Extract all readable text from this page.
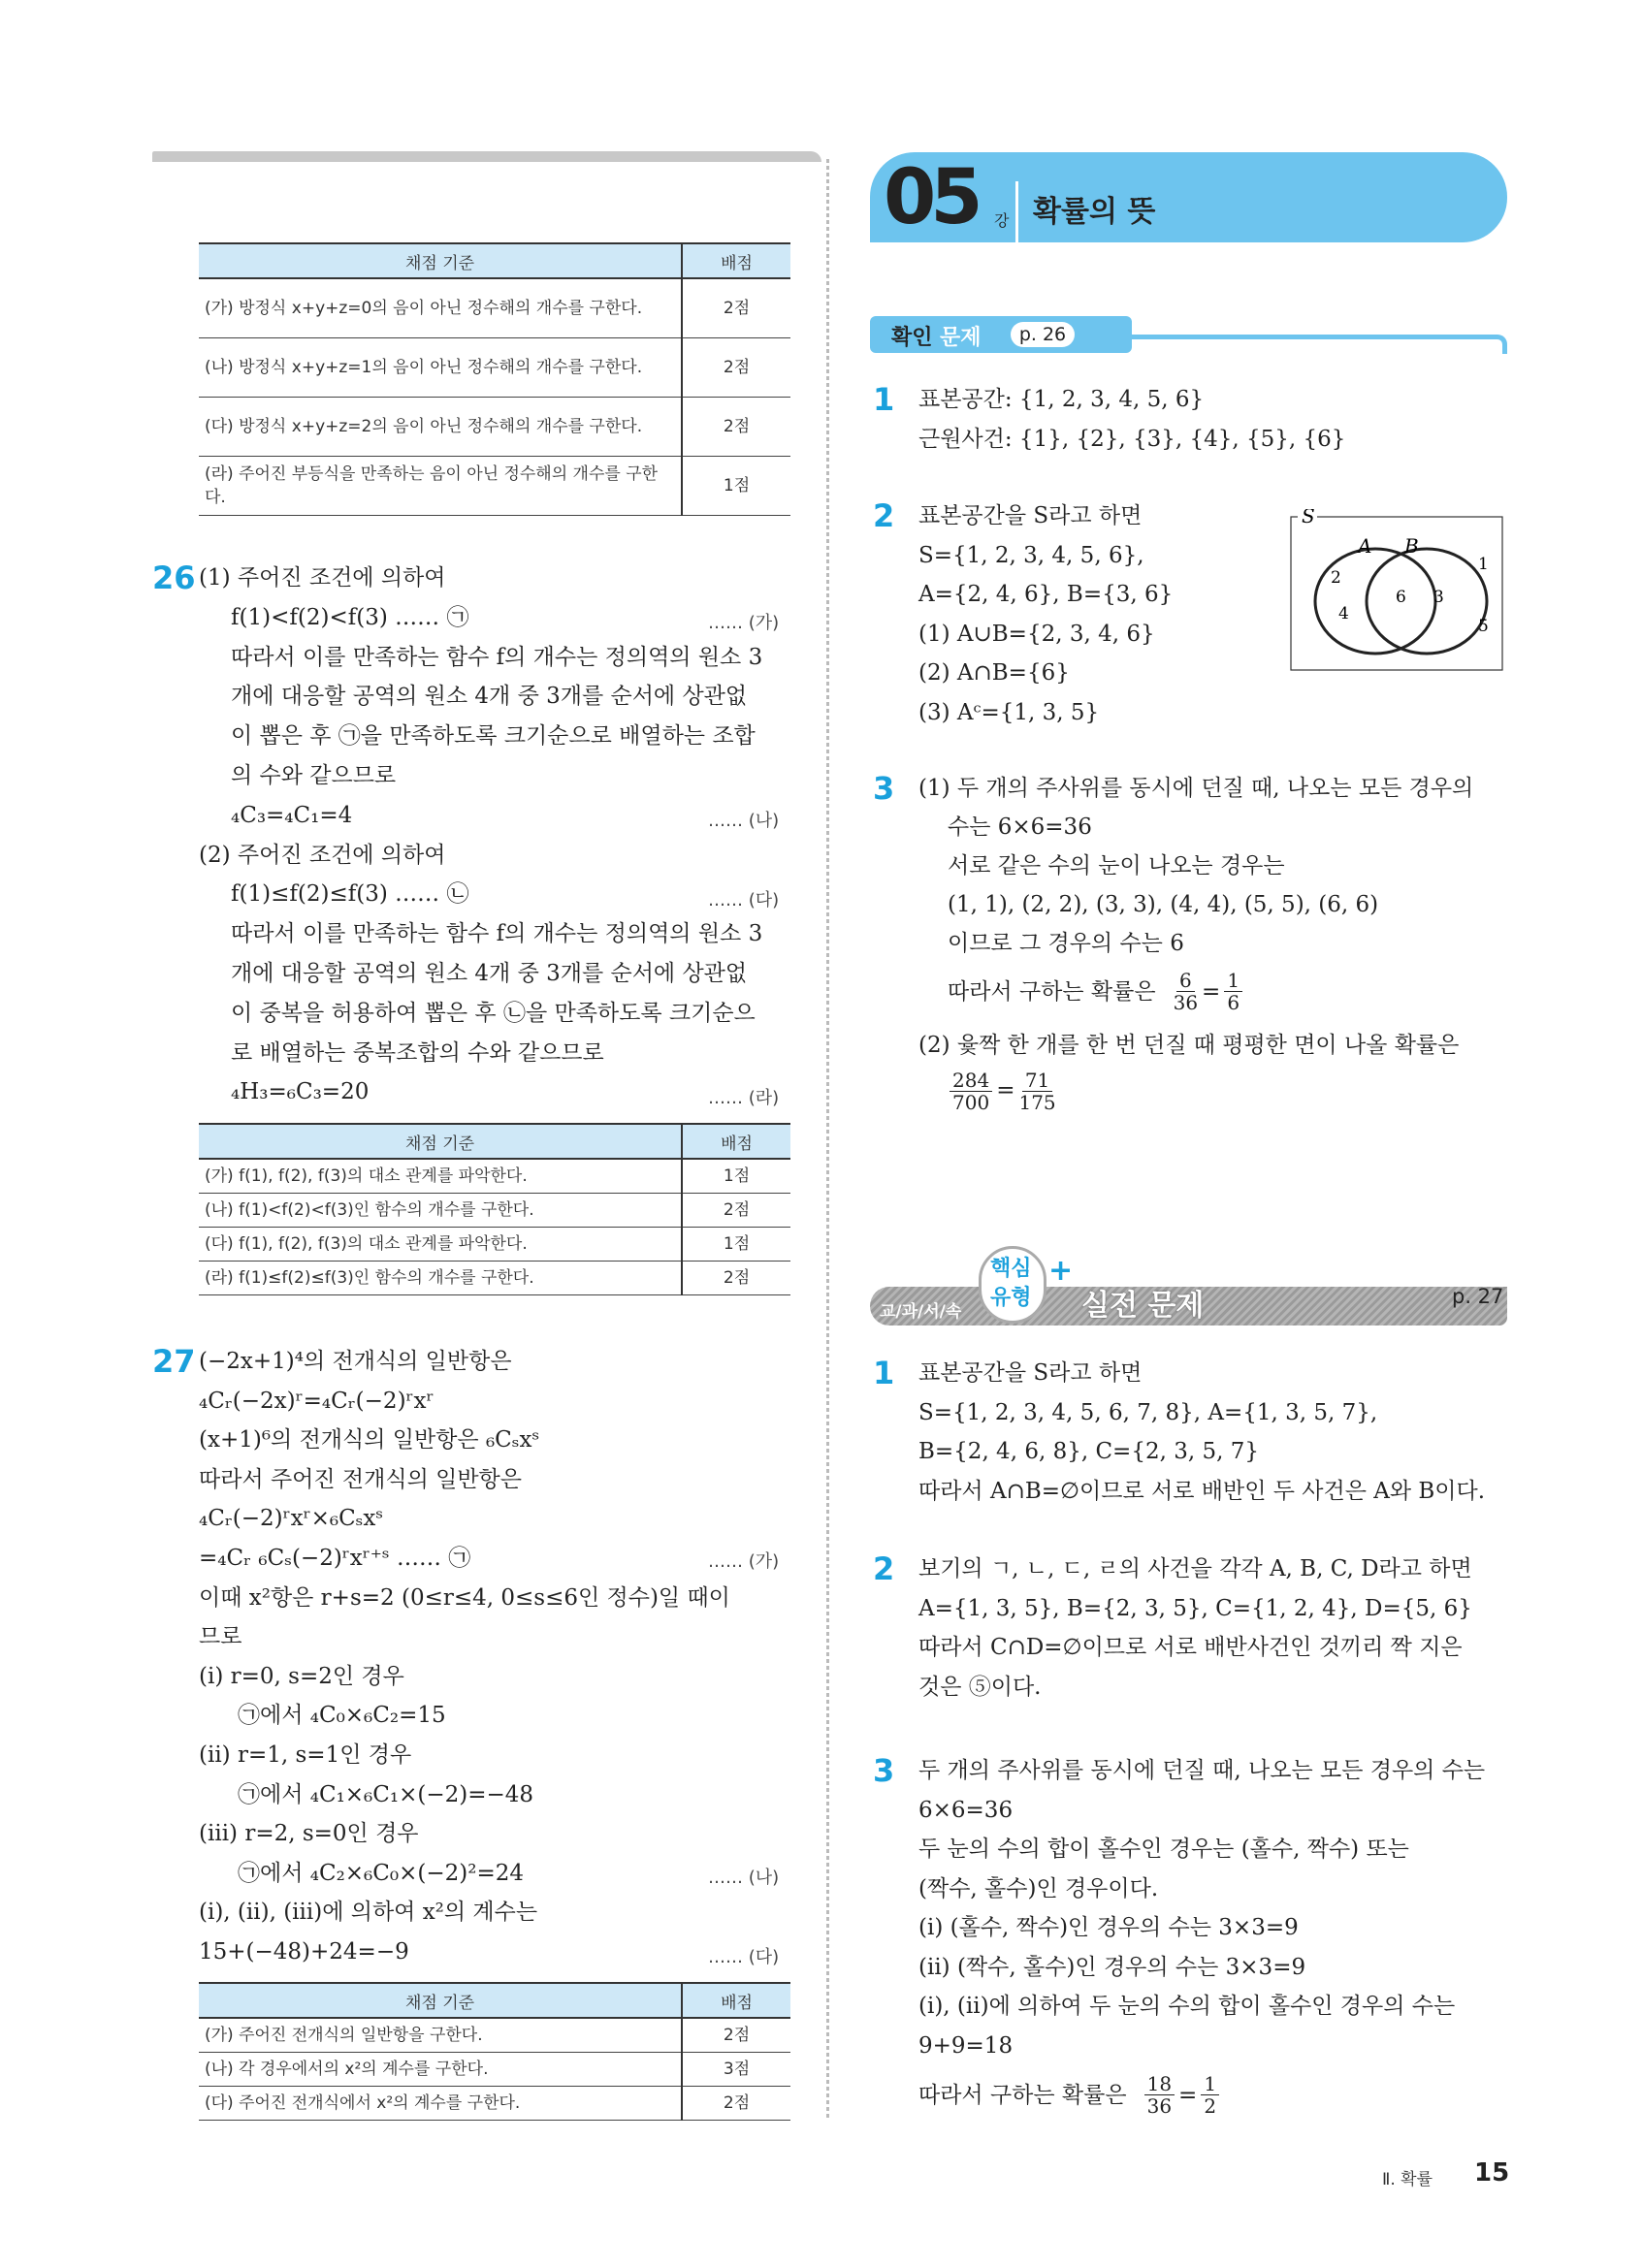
채점 기준	배점
(가) 방정식 x+y+z=0의 음이 아닌 정수해의 개수를 구한다.	2점
(나) 방정식 x+y+z=1의 음이 아닌 정수해의 개수를 구한다.	2점
(다) 방정식 x+y+z=2의 음이 아닌 정수해의 개수를 구한다.	2점
(라) 주어진 부등식을 만족하는 음이 아닌 정수해의 개수를 구한다.	1점
26 (1) 주어진 조건에 의하여
f(1)<f(2)<f(3) …… ㉠
따라서 이를 만족하는 함수 f의 개수는 정의역의 원소 3
개에 대응할 공역의 원소 4개 중 3개를 순서에 상관없
이 뽑은 후 ㉠을 만족하도록 크기순으로 배열하는 조합
의 수와 같으므로
₄C₃=₄C₁=4
(2) 주어진 조건에 의하여
f(1)≤f(2)≤f(3) …… ㉡
따라서 이를 만족하는 함수 f의 개수는 정의역의 원소 3
개에 대응할 공역의 원소 4개 중 3개를 순서에 상관없
이 중복을 허용하여 뽑은 후 ㉡을 만족하도록 크기순으
로 배열하는 중복조합의 수와 같으므로
₄H₃=₆C₃=20
…… (가)
…… (나)
…… (다)
…… (라)
채점 기준	배점
(가) f(1), f(2), f(3)의 대소 관계를 파악한다.	1점
(나) f(1)<f(2)<f(3)인 함수의 개수를 구한다.	2점
(다) f(1), f(2), f(3)의 대소 관계를 파악한다.	1점
(라) f(1)≤f(2)≤f(3)인 함수의 개수를 구한다.	2점
27 (−2x+1)⁴의 전개식의 일반항은
₄Cᵣ(−2x)ʳ=₄Cᵣ(−2)ʳxʳ
(x+1)⁶의 전개식의 일반항은 ₆Cₛxˢ
따라서 주어진 전개식의 일반항은
₄Cᵣ(−2)ʳxʳ×₆Cₛxˢ
=₄Cᵣ ₆Cₛ(−2)ʳxʳ⁺ˢ …… ㉠
이때 x²항은 r+s=2 (0≤r≤4, 0≤s≤6인 정수)일 때이
므로
(ⅰ) r=0, s=2인 경우
㉠에서 ₄C₀×₆C₂=15
(ⅱ) r=1, s=1인 경우
㉠에서 ₄C₁×₆C₁×(−2)=−48
(ⅲ) r=2, s=0인 경우
㉠에서 ₄C₂×₆C₀×(−2)²=24
(ⅰ), (ⅱ), (ⅲ)에 의하여 x²의 계수는
15+(−48)+24=−9
…… (가)
…… (나)
…… (다)
채점 기준	배점
(가) 주어진 전개식의 일반항을 구한다.	2점
(나) 각 경우에서의 x²의 계수를 구한다.	3점
(다) 주어진 전개식에서 x²의 계수를 구한다.	2점
05 강 확률의 뜻
확인 문제	p. 26
1 표본공간: {1, 2, 3, 4, 5, 6}
근원사건: {1}, {2}, {3}, {4}, {5}, {6}
2 표본공간을 S라고 하면
S={1, 2, 3, 4, 5, 6},
A={2, 4, 6}, B={3, 6}
(1) A∪B={2, 3, 4, 6}
(2) A∩B={6}
(3) Aᶜ={1, 3, 5}
S
A B
2
4
6 3
1
5
3 (1) 두 개의 주사위를 동시에 던질 때, 나오는 모든 경우의
수는 6×6=36
서로 같은 수의 눈이 나오는 경우는
(1, 1), (2, 2), (3, 3), (4, 4), (5, 5), (6, 6)
이므로 그 경우의 수는 6
(2) 윷짝 한 개를 한 번 던질 때 평평한 면이 나올 확률은
따라서 구하는 확률은 $\frac{6}{36} = \frac{1}{6}$
$\frac{284}{700} = \frac{71}{175}$
교/과/서/속
핵심
유형
+
실전 문제	p. 27
1 표본공간을 S라고 하면
S={1, 2, 3, 4, 5, 6, 7, 8}, A={1, 3, 5, 7},
B={2, 4, 6, 8}, C={2, 3, 5, 7}
따라서 A∩B=∅이므로 서로 배반인 두 사건은 A와 B이다.
2 보기의 ㄱ, ㄴ, ㄷ, ㄹ의 사건을 각각 A, B, C, D라고 하면
A={1, 3, 5}, B={2, 3, 5}, C={1, 2, 4}, D={5, 6}
따라서 C∩D=∅이므로 서로 배반사건인 것끼리 짝 지은
것은 ⑤이다.
3 두 개의 주사위를 동시에 던질 때, 나오는 모든 경우의 수는
6×6=36
두 눈의 수의 합이 홀수인 경우는 (홀수, 짝수) 또는
(짝수, 홀수)인 경우이다.
(ⅰ) (홀수, 짝수)인 경우의 수는 3×3=9
(ⅱ) (짝수, 홀수)인 경우의 수는 3×3=9
(ⅰ), (ⅱ)에 의하여 두 눈의 수의 합이 홀수인 경우의 수는
9+9=18
따라서 구하는 확률은 $\frac{18}{36} = \frac{1}{2}$
Ⅱ. 확률 15
